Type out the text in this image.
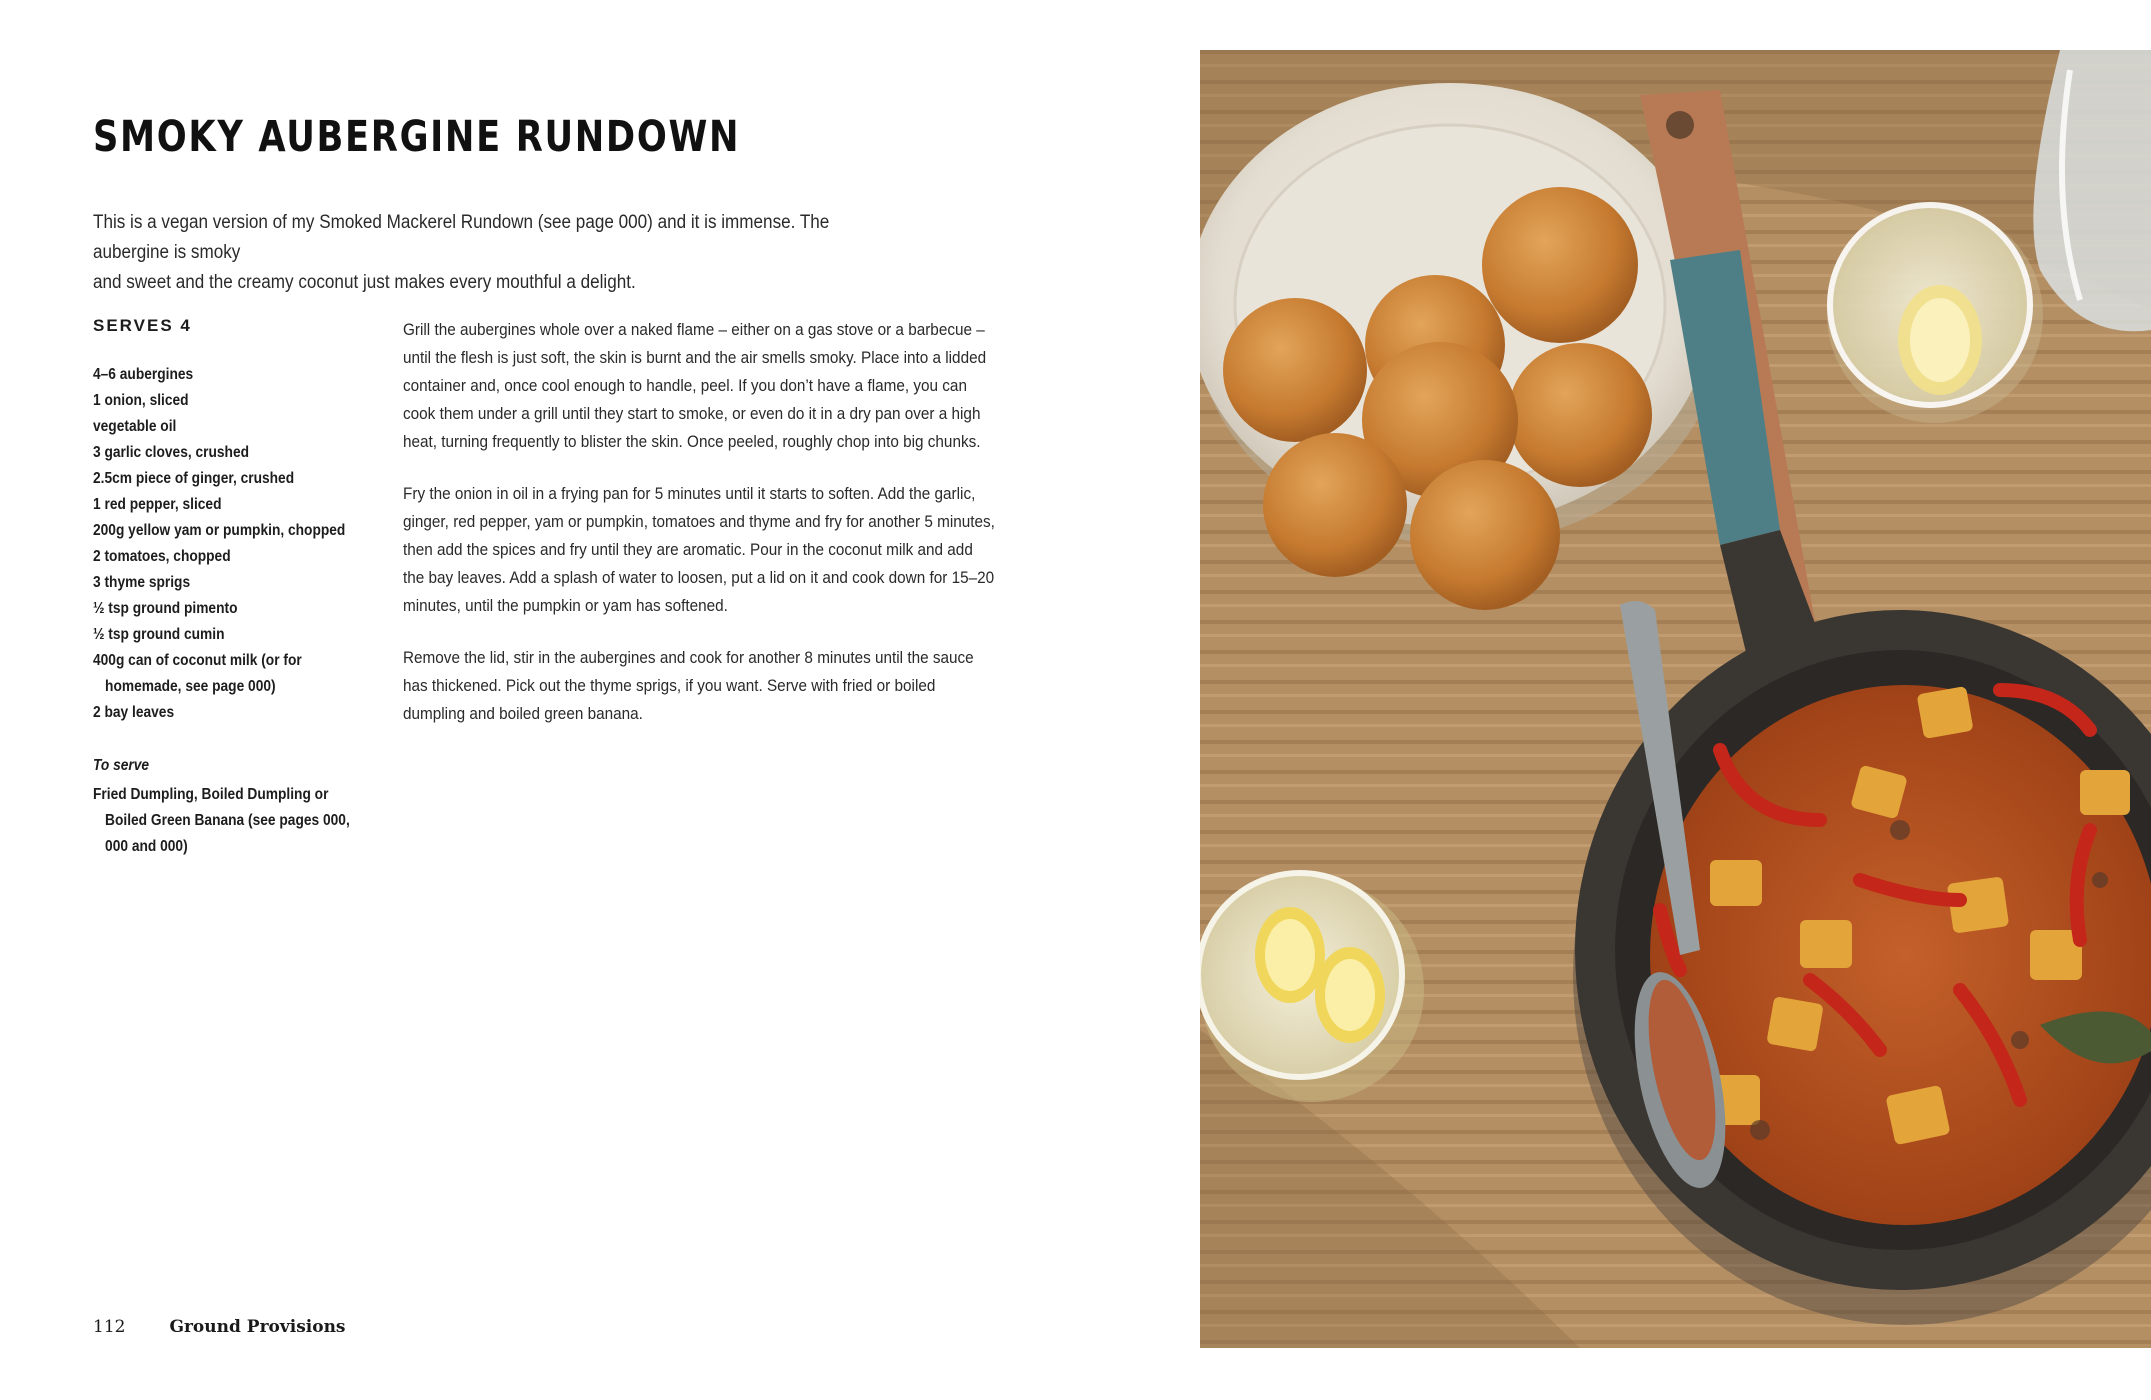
SMOKY AUBERGINE RUNDOWN

This is a vegan version of my Smoked Mackerel Rundown (see page 000) and it is immense. The aubergine is smoky

and sweet and the creamy coconut just makes every mouthful a delight.

SERVES 4
4–6 aubergines
1 onion, sliced
vegetable oil
3 garlic cloves, crushed
2.5cm piece of ginger, crushed
1 red pepper, sliced
200g yellow yam or pumpkin, chopped
2 tomatoes, chopped
3 thyme sprigs
½ tsp ground pimento
½ tsp ground cumin
400g can of coconut milk (or for homemade, see page 000)
2 bay leaves
To serve
Fried Dumpling, Boiled Dumpling or Boiled Green Banana (see pages 000, 000 and 000)

Grill the aubergines whole over a naked flame – either on a gas stove or a barbecue – until the flesh is just soft, the skin is burnt and the air smells smoky. Place into a lidded container and, once cool enough to handle, peel. If you don’t have a flame, you can cook them under a grill until they start to smoke, or even do it in a dry pan over a high heat, turning frequently to blister the skin. Once peeled, roughly chop into big chunks.

Fry the onion in oil in a frying pan for 5 minutes until it starts to soften. Add the garlic, ginger, red pepper, yam or pumpkin, tomatoes and thyme and fry for another 5 minutes, then add the spices and fry until they are aromatic. Pour in the coconut milk and add the bay leaves. Add a splash of water to loosen, put a lid on it and cook down for 15–20 minutes, until the pumpkin or yam has softened.

Remove the lid, stir in the aubergines and cook for another 8 minutes until the sauce has thickened. Pick out the thyme sprigs, if you want. Serve with fried or boiled dumpling and boiled green banana.

112	Ground Provisions
